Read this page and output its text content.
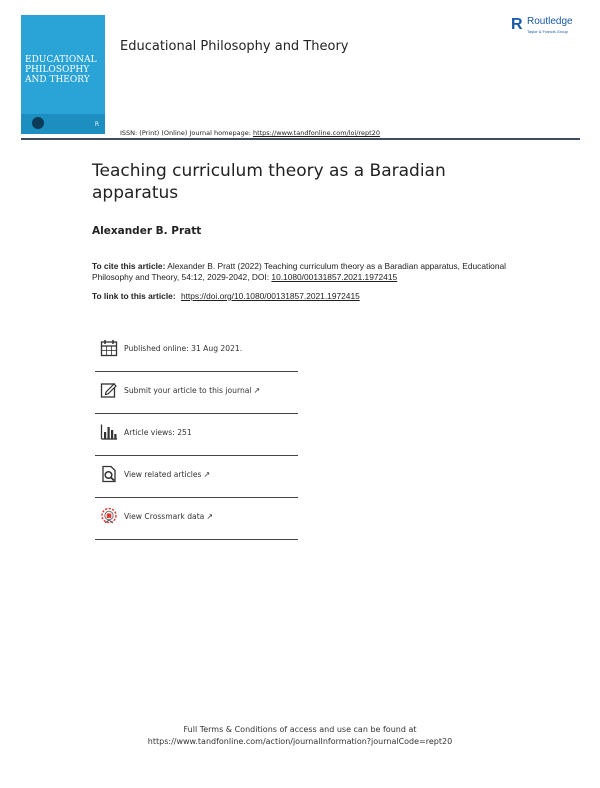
EDUCATIONAL PHILOSOPHY AND THEORY
R
Educational Philosophy and Theory
R Routledge
Taylor & Francis Group
ISSN: (Print) (Online) Journal homepage: https://www.tandfonline.com/loi/rept20
Teaching curriculum theory as a Baradian apparatus
Alexander B. Pratt
To cite this article: Alexander B. Pratt (2022) Teaching curriculum theory as a Baradian apparatus, Educational Philosophy and Theory, 54:12, 2029-2042, DOI: 10.1080/00131857.2021.1972415
To link to this article: https://doi.org/10.1080/00131857.2021.1972415
Published online: 31 Aug 2021.
Submit your article to this journal ↗
Article views: 251
View related articles ↗
View Crossmark data ↗
Full Terms & Conditions of access and use can be found at
https://www.tandfonline.com/action/journalInformation?journalCode=rept20
